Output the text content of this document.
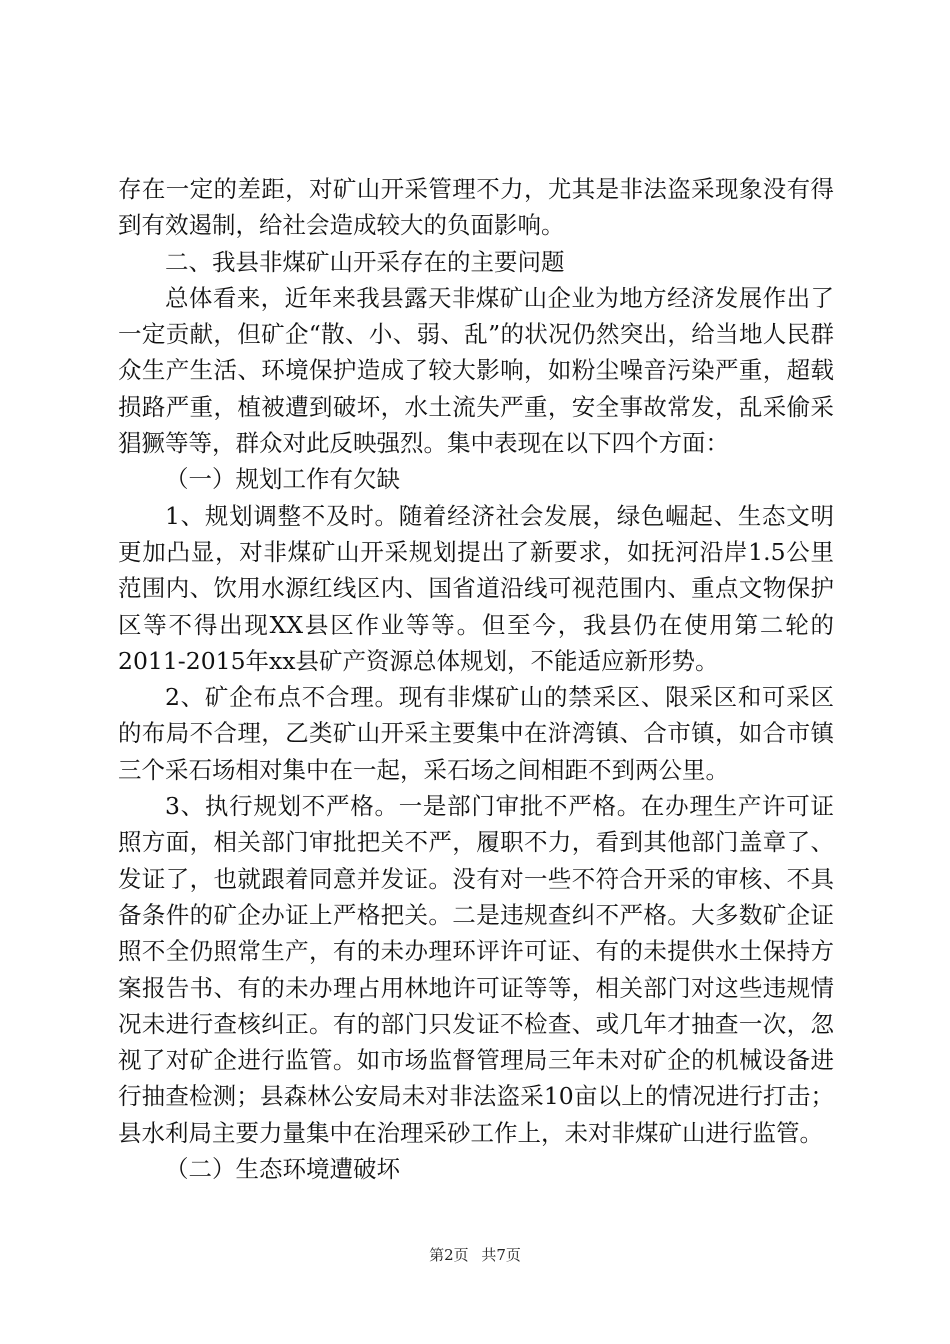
存在一定的差距，对矿山开采管理不力，尤其是非法盗采现象没有得到有效遏制，给社会造成较大的负面影响。

二、我县非煤矿山开采存在的主要问题

总体看来，近年来我县露天非煤矿山企业为地方经济发展作出了一定贡献，但矿企“散、小、弱、乱”的状况仍然突出，给当地人民群众生产生活、环境保护造成了较大影响，如粉尘噪音污染严重，超载损路严重，植被遭到破坏，水土流失严重，安全事故常发，乱采偷采猖獗等等，群众对此反映强烈。集中表现在以下四个方面：

（一）规划工作有欠缺

1、规划调整不及时。随着经济社会发展，绿色崛起、生态文明更加凸显，对非煤矿山开采规划提出了新要求，如抚河沿岸1.5公里范围内、饮用水源红线区内、国省道沿线可视范围内、重点文物保护区等不得出现XX县区作业等等。但至今，我县仍在使用第二轮的2011-2015年xx县矿产资源总体规划，不能适应新形势。

2、矿企布点不合理。现有非煤矿山的禁采区、限采区和可采区的布局不合理，乙类矿山开采主要集中在浒湾镇、合市镇，如合市镇三个采石场相对集中在一起，采石场之间相距不到两公里。

3、执行规划不严格。一是部门审批不严格。在办理生产许可证照方面，相关部门审批把关不严，履职不力，看到其他部门盖章了、发证了，也就跟着同意并发证。没有对一些不符合开采的审核、不具备条件的矿企办证上严格把关。二是违规查纠不严格。大多数矿企证照不全仍照常生产，有的未办理环评许可证、有的未提供水土保持方案报告书、有的未办理占用林地许可证等等，相关部门对这些违规情况未进行查核纠正。有的部门只发证不检查、或几年才抽查一次，忽视了对矿企进行监管。如市场监督管理局三年未对矿企的机械设备进行抽查检测；县森林公安局未对非法盗采10亩以上的情况进行打击；县水利局主要力量集中在治理采砂工作上，未对非煤矿山进行监管。

（二）生态环境遭破坏

第2页 共7页
